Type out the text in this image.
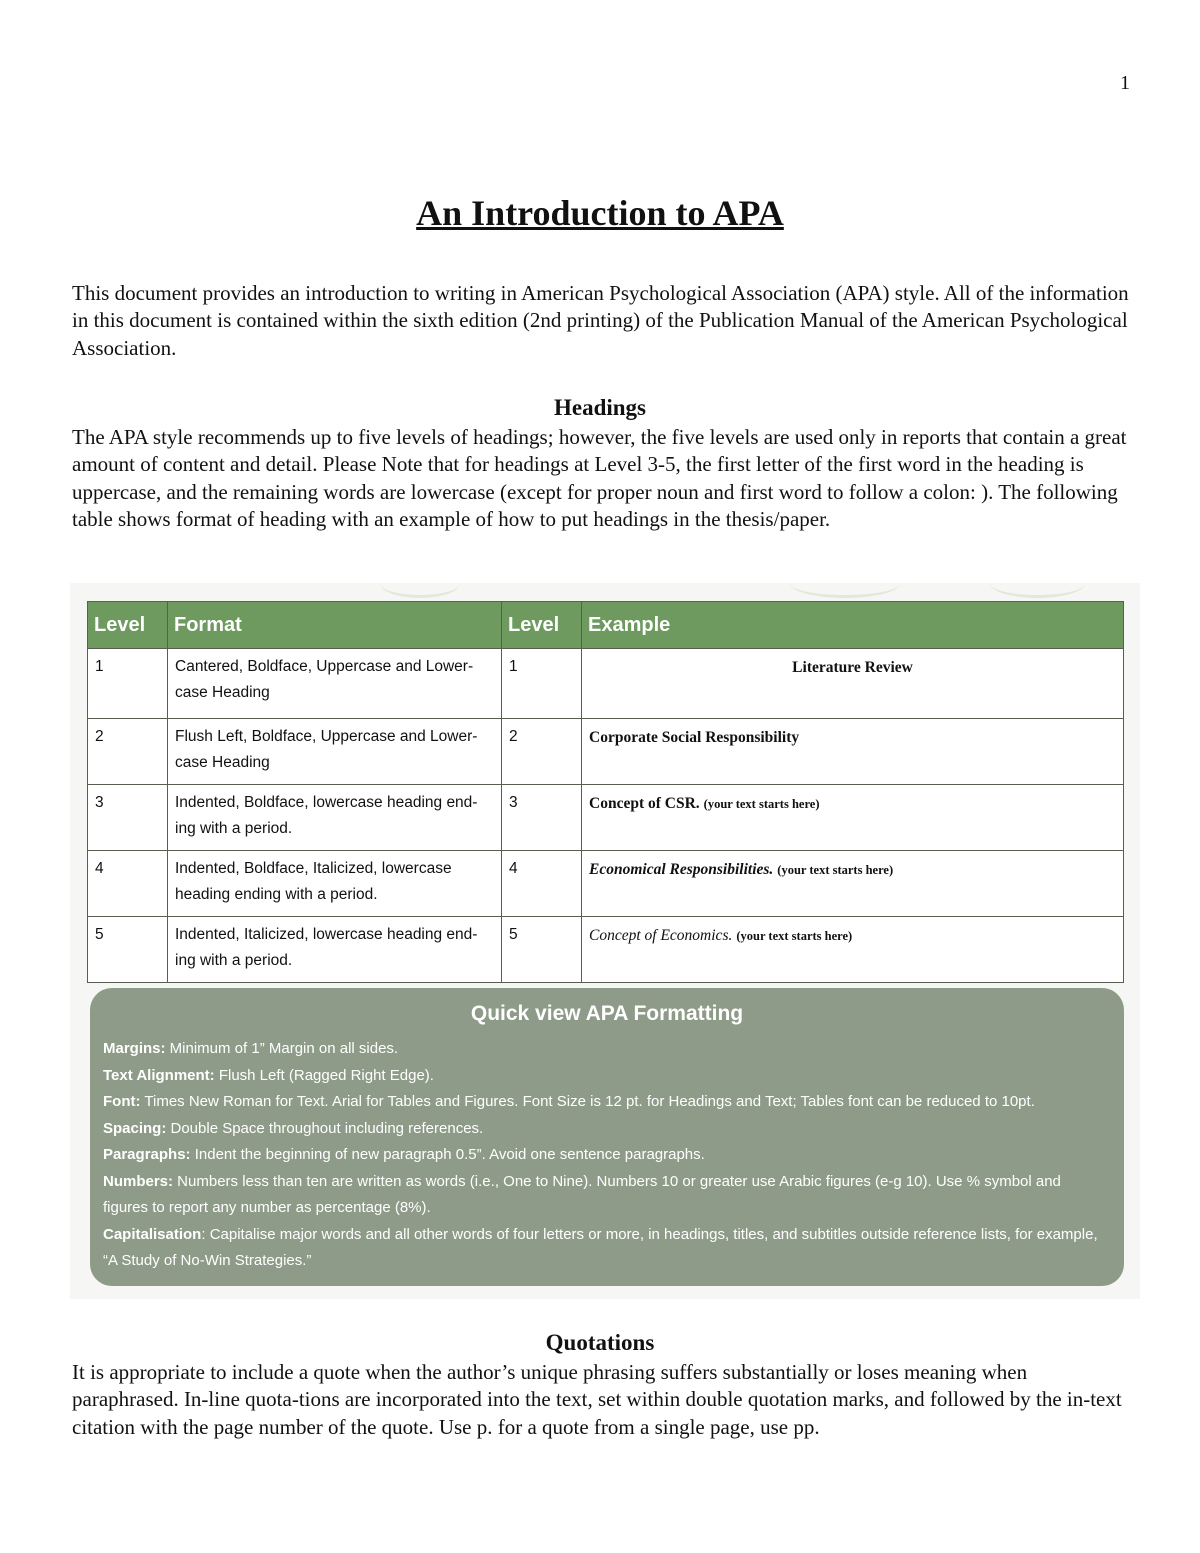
1
An Introduction to APA

This document provides an introduction to writing in American Psychological Association (APA) style. All of the information in this document is contained within the sixth edition (2nd printing) of the Publication Manual of the American Psychological Association.

Headings

The APA style recommends up to five levels of headings; however, the five levels are used only in reports that contain a great amount of content and detail. Please Note that for headings at Level 3-5, the first letter of the first word in the heading is uppercase, and the remaining words are lowercase (except for proper noun and first word to follow a colon: ). The following table shows format of heading with an example of how to put headings in the thesis/paper.

Level	Format	Level	Example
1	Cantered, Boldface, Uppercase and Lower-case Heading	1	Literature Review
2	Flush Left, Boldface, Uppercase and Lower-case Heading	2	Corporate Social Responsibility
3	Indented, Boldface, lowercase heading end-ing with a period.	3	Concept of CSR. (your text starts here)
4	Indented, Boldface, Italicized, lowercase heading ending with a period.	4	Economical Responsibilities. (your text starts here)
5	Indented, Italicized, lowercase heading end-ing with a period.	5	Concept of Economics. (your text starts here)
Quick view APA Formatting
Margins: Minimum of 1” Margin on all sides.
Text Alignment: Flush Left (Ragged Right Edge).
Font: Times New Roman for Text. Arial for Tables and Figures. Font Size is 12 pt. for Headings and Text; Tables font can be reduced to 10pt.
Spacing: Double Space throughout including references.
Paragraphs: Indent the beginning of new paragraph 0.5”. Avoid one sentence paragraphs.
Numbers: Numbers less than ten are written as words (i.e., One to Nine). Numbers 10 or greater use Arabic figures (e-g 10). Use % symbol and figures to report any number as percentage (8%).
Capitalisation: Capitalise major words and all other words of four letters or more, in headings, titles, and subtitles outside reference lists, for example, “A Study of No-Win Strategies.”
Quotations

It is appropriate to include a quote when the author’s unique phrasing suffers substantially or loses meaning when paraphrased. In-line quota-tions are incorporated into the text, set within double quotation marks, and followed by the in-text citation with the page number of the quote. Use p. for a quote from a single page, use pp.
